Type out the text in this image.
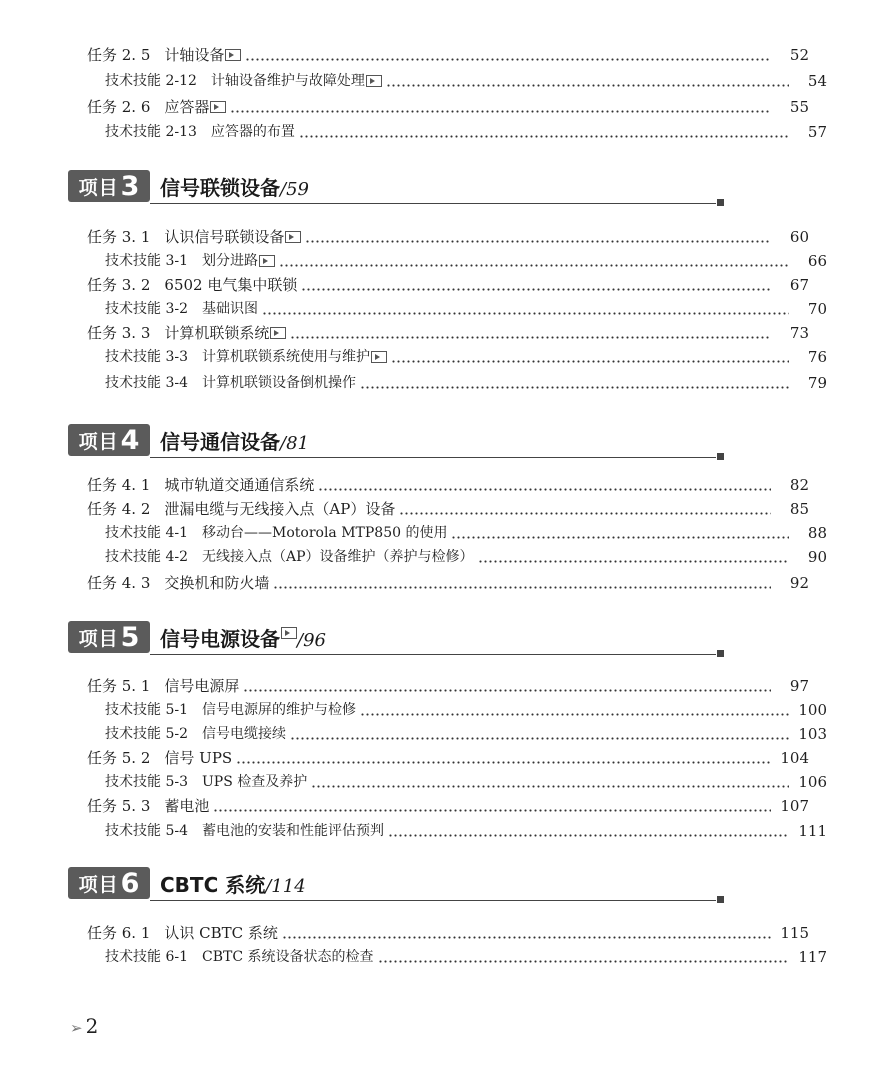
任务 2. 5 计轴设备	52
技术技能 2-12 计轴设备维护与故障处理	54
任务 2. 6 应答器	55
技术技能 2-13 应答器的布置	57
项目 3 信号联锁设备/59
任务 3. 1 认识信号联锁设备	60
技术技能 3-1 划分进路	66
任务 3. 2 6502 电气集中联锁	67
技术技能 3-2 基础识图	70
任务 3. 3 计算机联锁系统	73
技术技能 3-3 计算机联锁系统使用与维护	76
技术技能 3-4 计算机联锁设备倒机操作	79
项目 4 信号通信设备/81
任务 4. 1 城市轨道交通通信系统	82
任务 4. 2 泄漏电缆与无线接入点（AP）设备	85
技术技能 4-1 移动台——Motorola MTP850 的使用	88
技术技能 4-2 无线接入点（AP）设备维护（养护与检修）	90
任务 4. 3 交换机和防火墙	92
项目 5 信号电源设备 /96
任务 5. 1 信号电源屏	97
技术技能 5-1 信号电源屏的维护与检修	100
技术技能 5-2 信号电缆接续	103
任务 5. 2 信号 UPS	104
技术技能 5-3 UPS 检查及养护	106
任务 5. 3 蓄电池	107
技术技能 5-4 蓄电池的安装和性能评估预判	111
项目 6 CBTC 系统/114
任务 6. 1 认识 CBTC 系统	115
技术技能 6-1 CBTC 系统设备状态的检查	117
➢ 2
